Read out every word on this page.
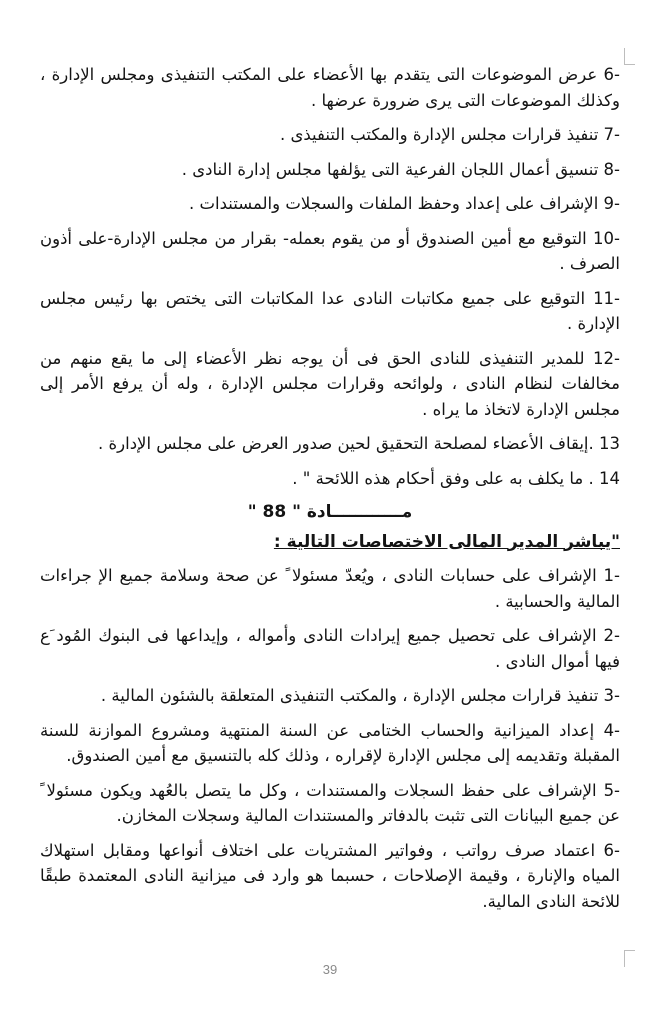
6- عرض الموضوعات التى يتقدم بها الأعضاء على المكتب التنفيذى ومجلس الإدارة ، وكذلك الموضوعات التى يرى ضرورة عرضها .

7- تنفيذ قرارات مجلس الإدارة والمكتب التنفيذى .

8- تنسيق أعمال اللجان الفرعية التى يؤلفها مجلس إدارة النادى .

9- الإشراف على إعداد وحفظ الملفات والسجلات والمستندات .

10- التوقيع مع أمين الصندوق أو من يقوم بعمله- بقرار من مجلس الإدارة-على أذون الصرف .

11- التوقيع على جميع مكاتبات النادى عدا المكاتبات التى يختص بها رئيس مجلس الإدارة .

12- للمدير التنفيذى للنادى الحق فى أن يوجه نظر الأعضاء إلى ما يقع منهم من مخالفات لنظام النادى ، ولوائحه وقرارات مجلس الإدارة ، وله أن يرفع الأمر إلى مجلس الإدارة لاتخاذ ما يراه .

13 .إيقاف الأعضاء لمصلحة التحقيق لحين صدور العرض على مجلس الإدارة .

14 . ما يكلف به على وفق أحكام هذه اللائحة " .

مــــــــــــادة " 88 "
"يباشر المدير المالى الاختصاصات التالية :

1- الإشراف على حسابات النادى ، ويُعدّ مسئولا ً عن صحة وسلامة جميع الإ جراءات المالية والحسابية .

2- الإشراف على تحصيل جميع إيرادات النادى وأمواله ، وإيداعها فى البنوك المُود َع فيها أموال النادى .

3- تنفيذ قرارات مجلس الإدارة ، والمكتب التنفيذى المتعلقة بالشئون المالية .

4- إعداد الميزانية والحساب الختامى عن السنة المنتهية ومشروع الموازنة للسنة المقبلة وتقديمه إلى مجلس الإدارة لإقراره ، وذلك كله بالتنسيق مع أمين الصندوق.

5- الإشراف على حفظ السجلات والمستندات ، وكل ما يتصل بالعُهد ويكون مسئولا ً عن جميع البيانات التى تثبت بالدفاتر والمستندات المالية وسجلات المخازن.

6- اعتماد صرف رواتب ، وفواتير المشتريات على اختلاف أنواعها ومقابل استهلاك المياه والإنارة ، وقيمة الإصلاحات ، حسبما هو وارد فى ميزانية النادى المعتمدة طبقًا للائحة النادى المالية.

39
